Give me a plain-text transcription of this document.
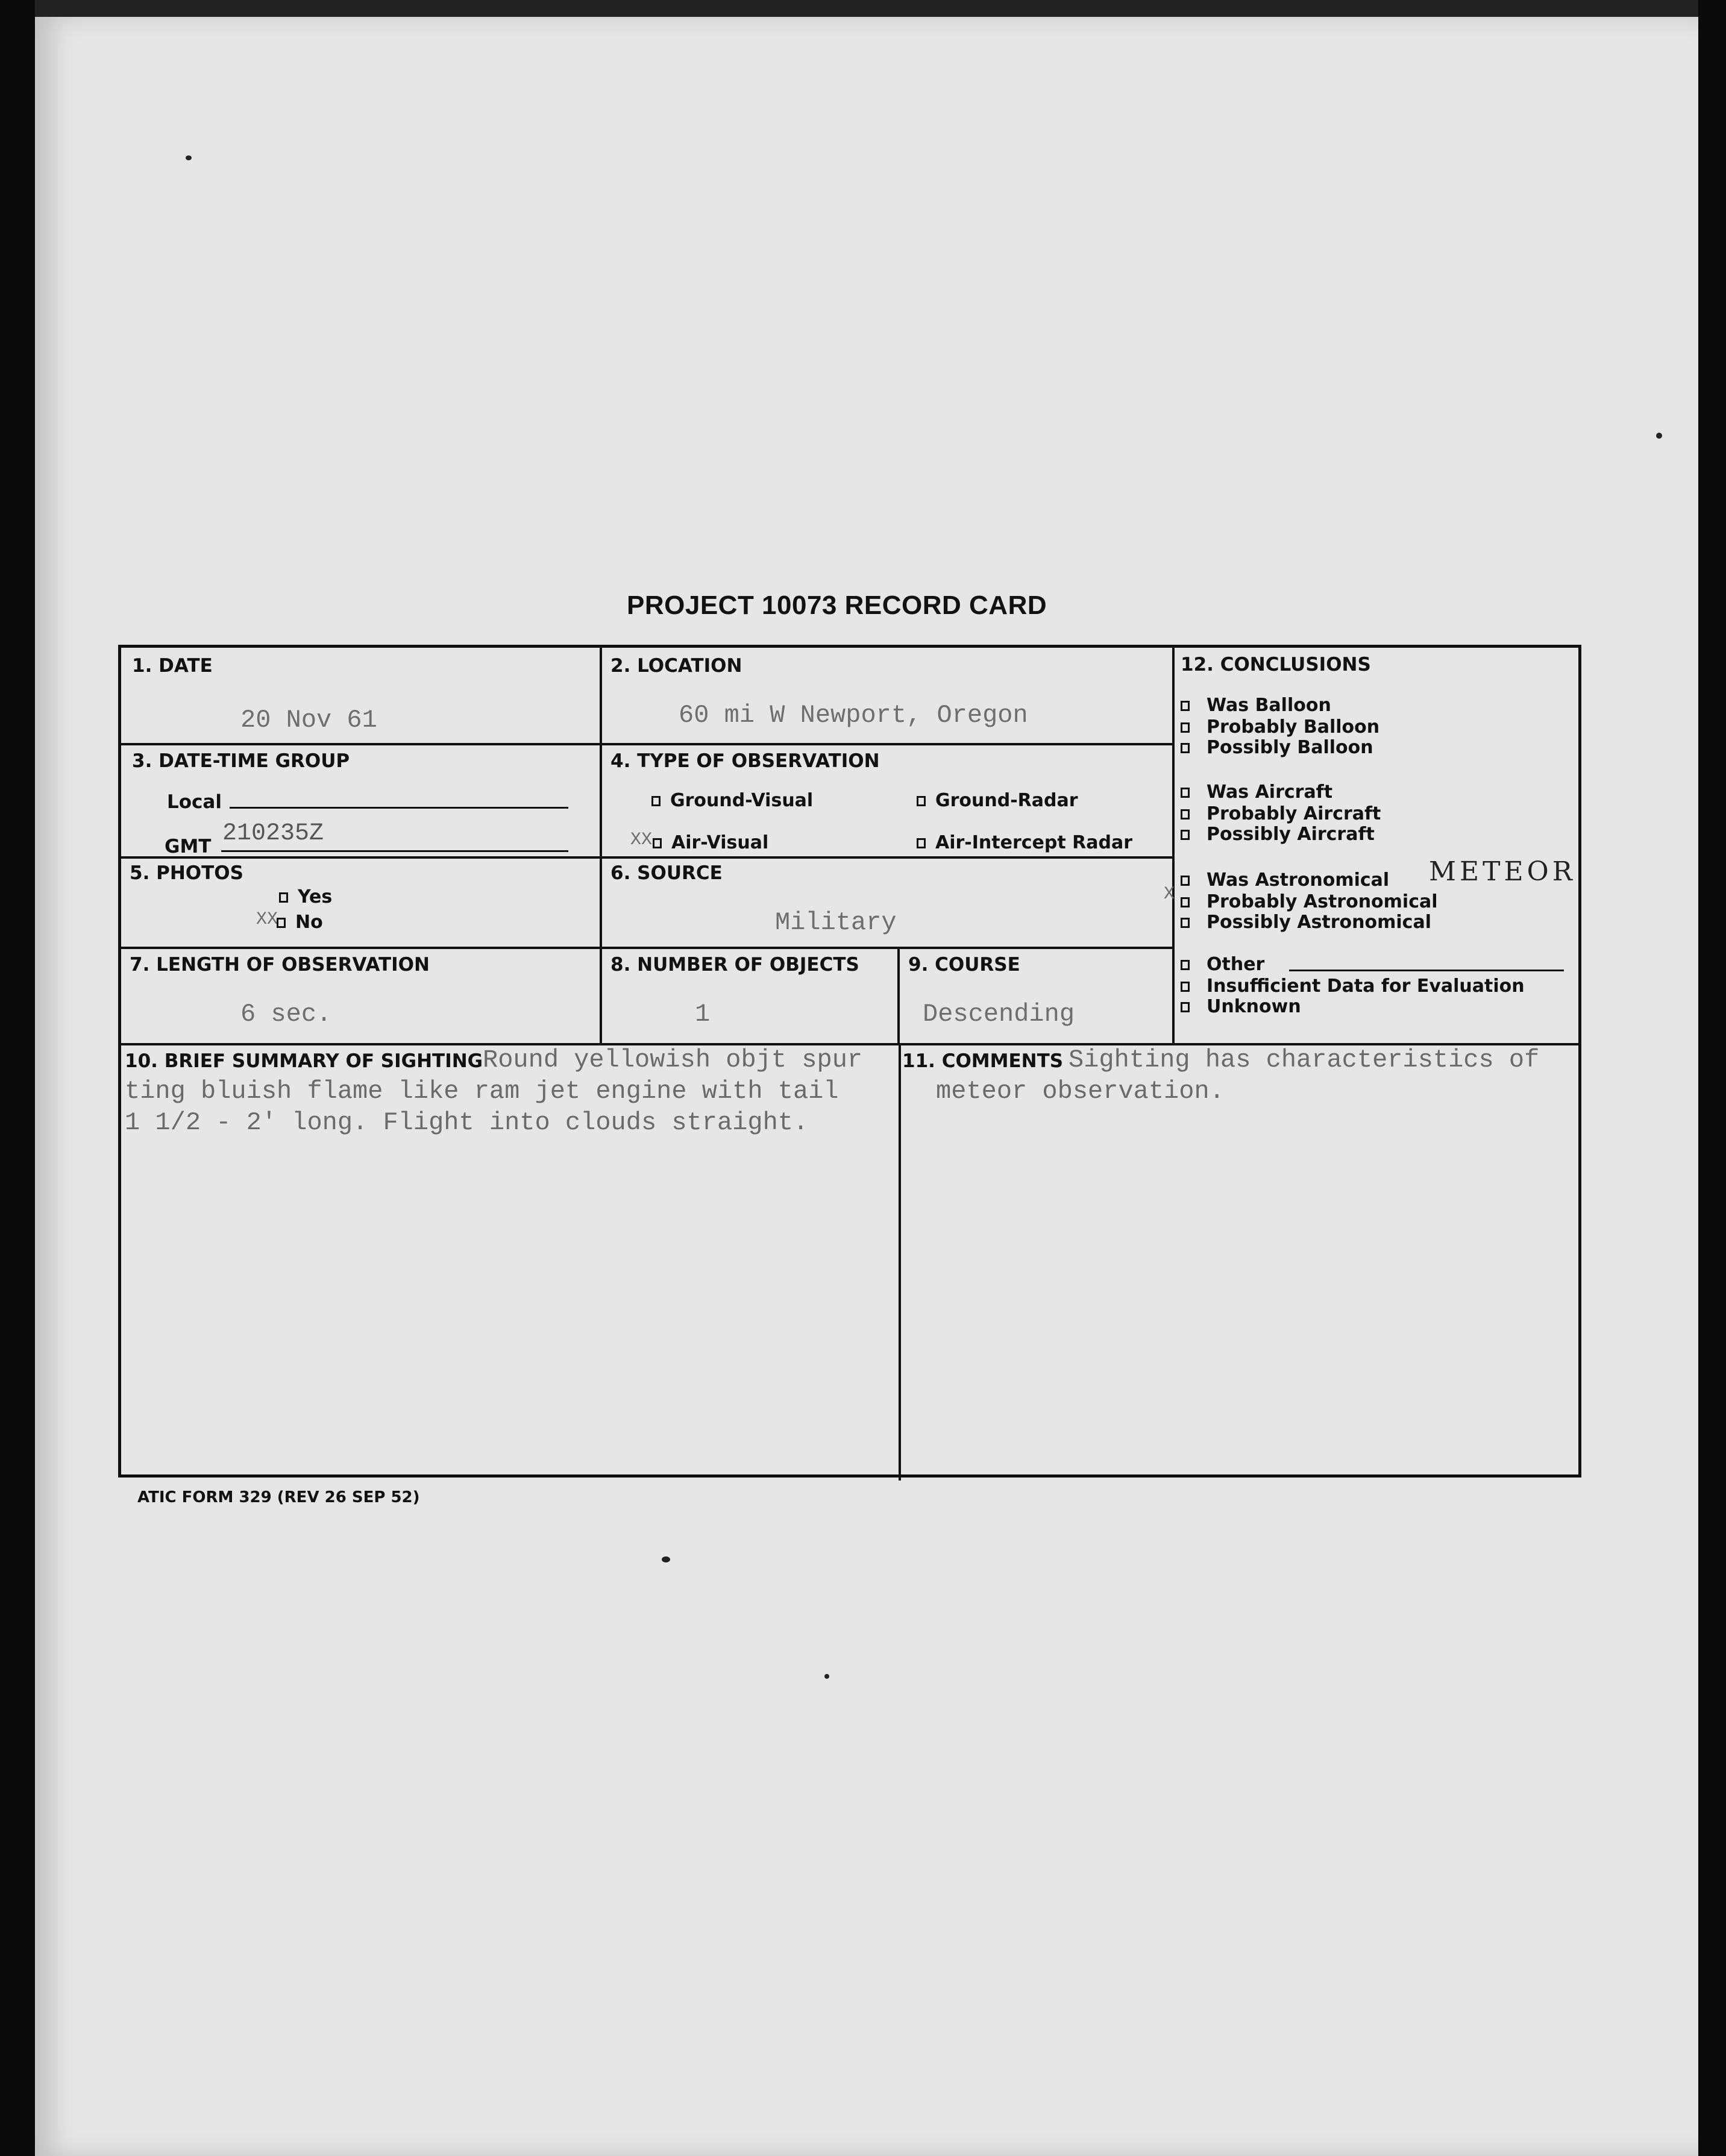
PROJECT 10073 RECORD CARD
1. DATE
20 Nov 61
2. LOCATION
60 mi W Newport, Oregon
3. DATE-TIME GROUP
Local
GMT 210235Z
4. TYPE OF OBSERVATION
Ground-Visual	Ground-Radar
XX	Air-Visual	Air-Intercept Radar
5. PHOTOS
Yes
XX No
6. SOURCE
Military
7. LENGTH OF OBSERVATION
6 sec.
8. NUMBER OF OBJECTS
1
9. COURSE
Descending
12. CONCLUSIONS
Was Balloon
Probably Balloon
Possibly Balloon
Was Aircraft
Probably Aircraft
Possibly Aircraft
Was Astronomical
Probably Astronomical
Possibly Astronomical
Other
Insufficient Data for Evaluation
Unknown
METEOR
X
10. BRIEF SUMMARY OF SIGHTING Round yellowish objt spur
ting bluish flame like ram jet engine with tail
1 1/2 - 2' long. Flight into clouds straight.
11. COMMENTS Sighting has characteristics of
meteor observation.
ATIC FORM 329 (REV 26 SEP 52)
